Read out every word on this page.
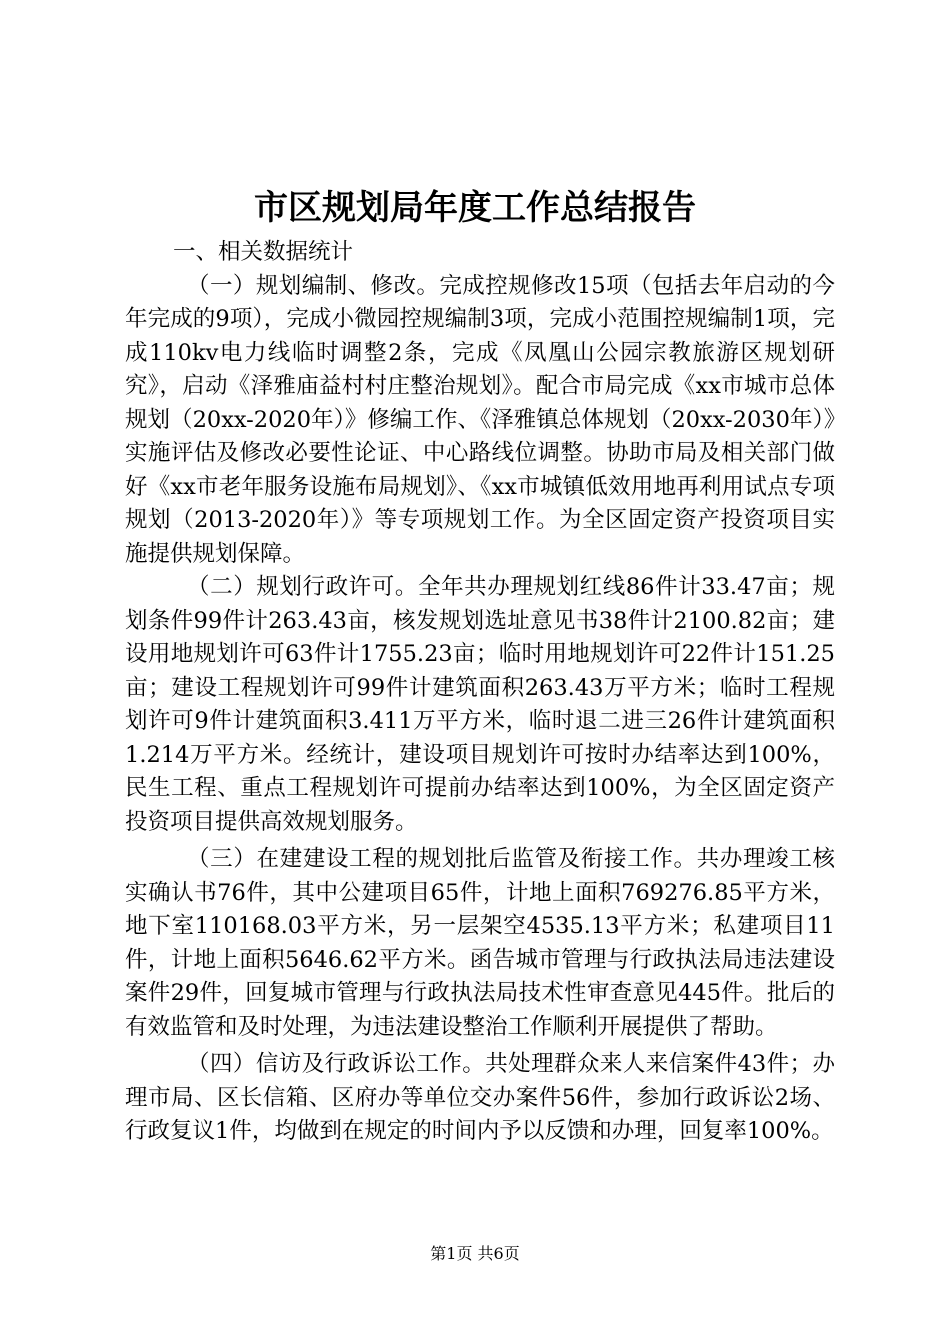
市区规划局年度工作总结报告

一、相关数据统计

（一）规划编制、修改。完成控规修改15项（包括去年启动的今年完成的9项），完成小微园控规编制3项，完成小范围控规编制1项，完成110kv电力线临时调整2条，完成《凤凰山公园宗教旅游区规划研究》，启动《泽雅庙益村村庄整治规划》。配合市局完成《xx市城市总体规划（20xx-2020年）》修编工作、《泽雅镇总体规划（20xx-2030年）》实施评估及修改必要性论证、中心路线位调整。协助市局及相关部门做好《xx市老年服务设施布局规划》、《xx市城镇低效用地再利用试点专项规划（2013-2020年）》等专项规划工作。为全区固定资产投资项目实施提供规划保障。

（二）规划行政许可。全年共办理规划红线86件计33.47亩；规划条件99件计263.43亩，核发规划选址意见书38件计2100.82亩；建设用地规划许可63件计1755.23亩；临时用地规划许可22件计151.25亩；建设工程规划许可99件计建筑面积263.43万平方米；临时工程规划许可9件计建筑面积3.411万平方米，临时退二进三26件计建筑面积1.214万平方米。经统计，建设项目规划许可按时办结率达到100%，民生工程、重点工程规划许可提前办结率达到100%，为全区固定资产投资项目提供高效规划服务。

（三）在建建设工程的规划批后监管及衔接工作。共办理竣工核实确认书76件，其中公建项目65件，计地上面积769276.85平方米，地下室110168.03平方米，另一层架空4535.13平方米；私建项目11件，计地上面积5646.62平方米。函告城市管理与行政执法局违法建设案件29件，回复城市管理与行政执法局技术性审查意见445件。批后的有效监管和及时处理，为违法建设整治工作顺利开展提供了帮助。

（四）信访及行政诉讼工作。共处理群众来人来信案件43件；办理市局、区长信箱、区府办等单位交办案件56件，参加行政诉讼2场、行政复议1件，均做到在规定的时间内予以反馈和办理，回复率100%。

第1页 共6页
